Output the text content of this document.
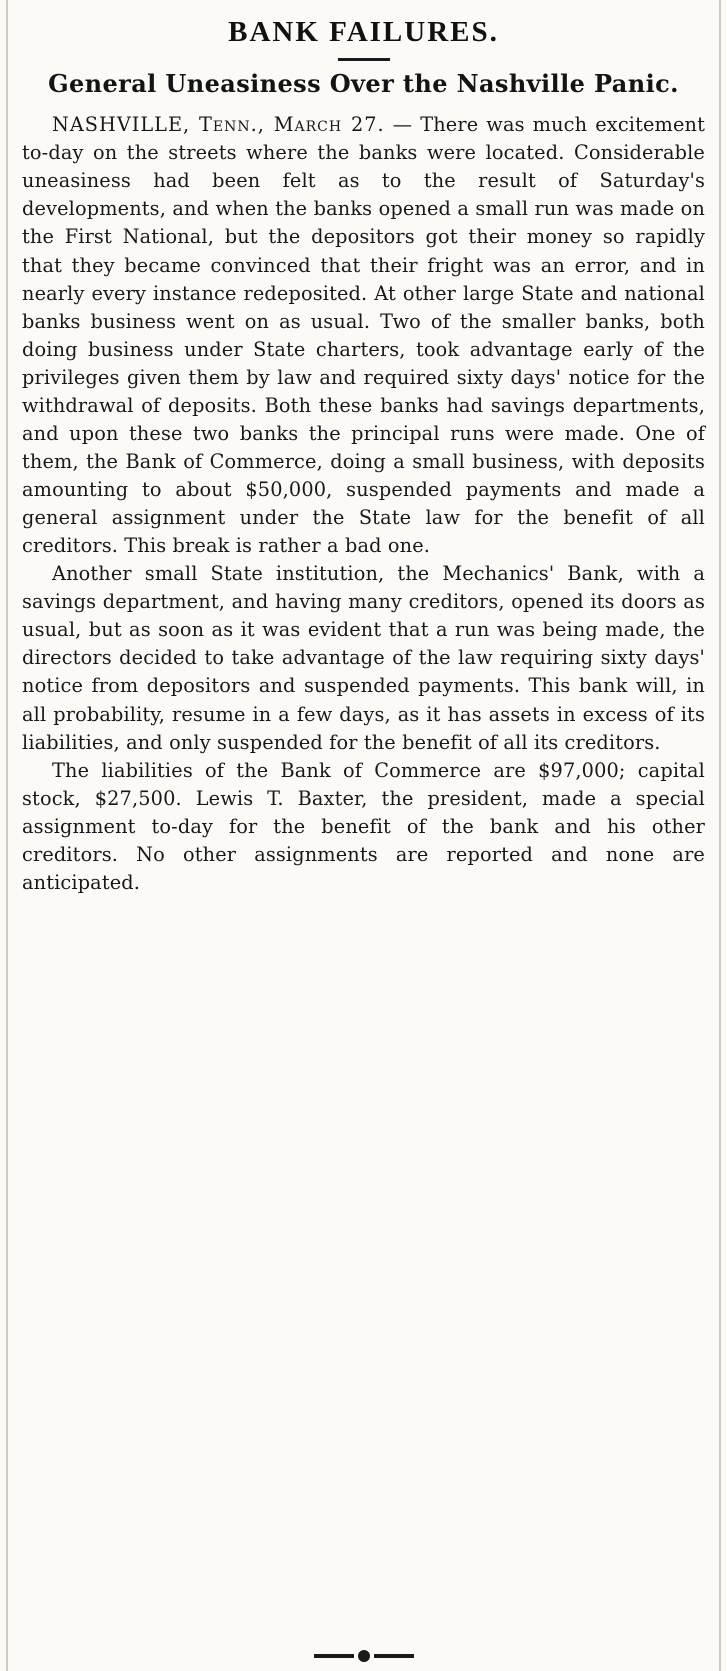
BANK FAILURES.
General Uneasiness Over the Nashville Panic.

NASHVILLE, Tenn., March 27. — There was much excitement to-day on the streets where the banks were located. Considerable uneasiness had been felt as to the result of Saturday's developments, and when the banks opened a small run was made on the First National, but the depositors got their money so rapidly that they became convinced that their fright was an error, and in nearly every instance redeposited. At other large State and national banks business went on as usual. Two of the smaller banks, both doing business under State charters, took advantage early of the privileges given them by law and required sixty days' notice for the withdrawal of deposits. Both these banks had savings departments, and upon these two banks the principal runs were made. One of them, the Bank of Commerce, doing a small business, with deposits amounting to about $50,000, suspended payments and made a general assignment under the State law for the benefit of all creditors. This break is rather a bad one.

Another small State institution, the Mechanics' Bank, with a savings department, and having many creditors, opened its doors as usual, but as soon as it was evident that a run was being made, the directors decided to take advantage of the law requiring sixty days' notice from depositors and suspended payments. This bank will, in all probability, resume in a few days, as it has assets in excess of its liabilities, and only suspended for the benefit of all its creditors.

The liabilities of the Bank of Commerce are $97,000; capital stock, $27,500. Lewis T. Baxter, the president, made a special assignment to-day for the benefit of the bank and his other creditors. No other assignments are reported and none are anticipated.
